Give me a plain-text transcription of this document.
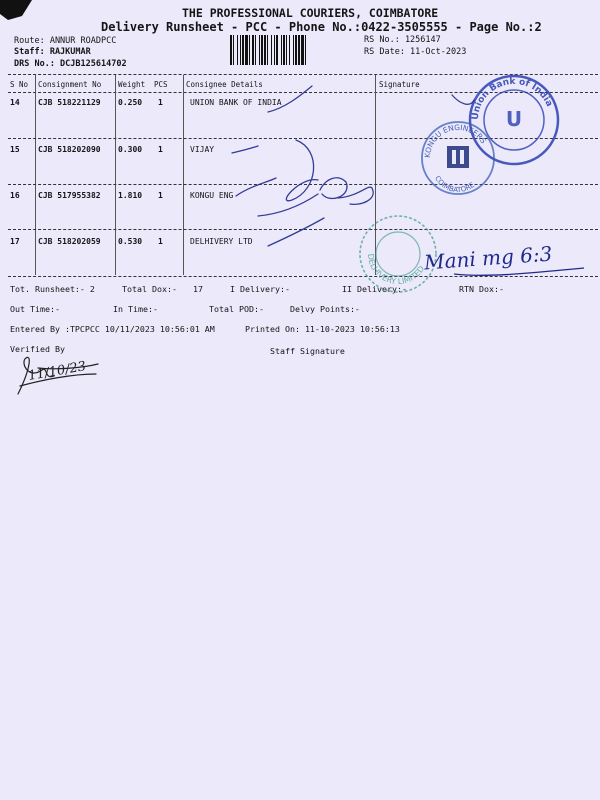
THE PROFESSIONAL COURIERS, COIMBATORE
Delivery Runsheet - PCC - Phone No.:0422-3505555 - Page No.:2
Route: ANNUR ROADPCC
Staff: RAJKUMAR
DRS No.: DCJB125614702
RS No.: 1256147
RS Date: 11-Oct-2023
S No Consignment No Weight PCS Consignee Details	Signature
14 CJB 518221129 0.250 1	UNION BANK OF INDIA
15 CJB 518202090 0.300 1	VIJAY
16 CJB 517955382 1.810 1	KONGU ENG
17 CJB 518202059 0.530 1	DELHIVERY LTD
Tot. Runsheet:- 2	Total Dox:- 17	I Delivery:-	II Delivery:-	RTN Dox:-
Out Time:-	In Time:-	Total POD:-	Delvy Points:-
Entered By :TPCPCC 10/11/2023 10:56:01 AM	Printed On: 11-10-2023 10:56:13
Verified By	Staff Signature
Union Bank of India
U
KONGU ENGINEERS
COIMBATORE
DELHIVERY LIMITED
Mani mg 6:3
11/10/23
